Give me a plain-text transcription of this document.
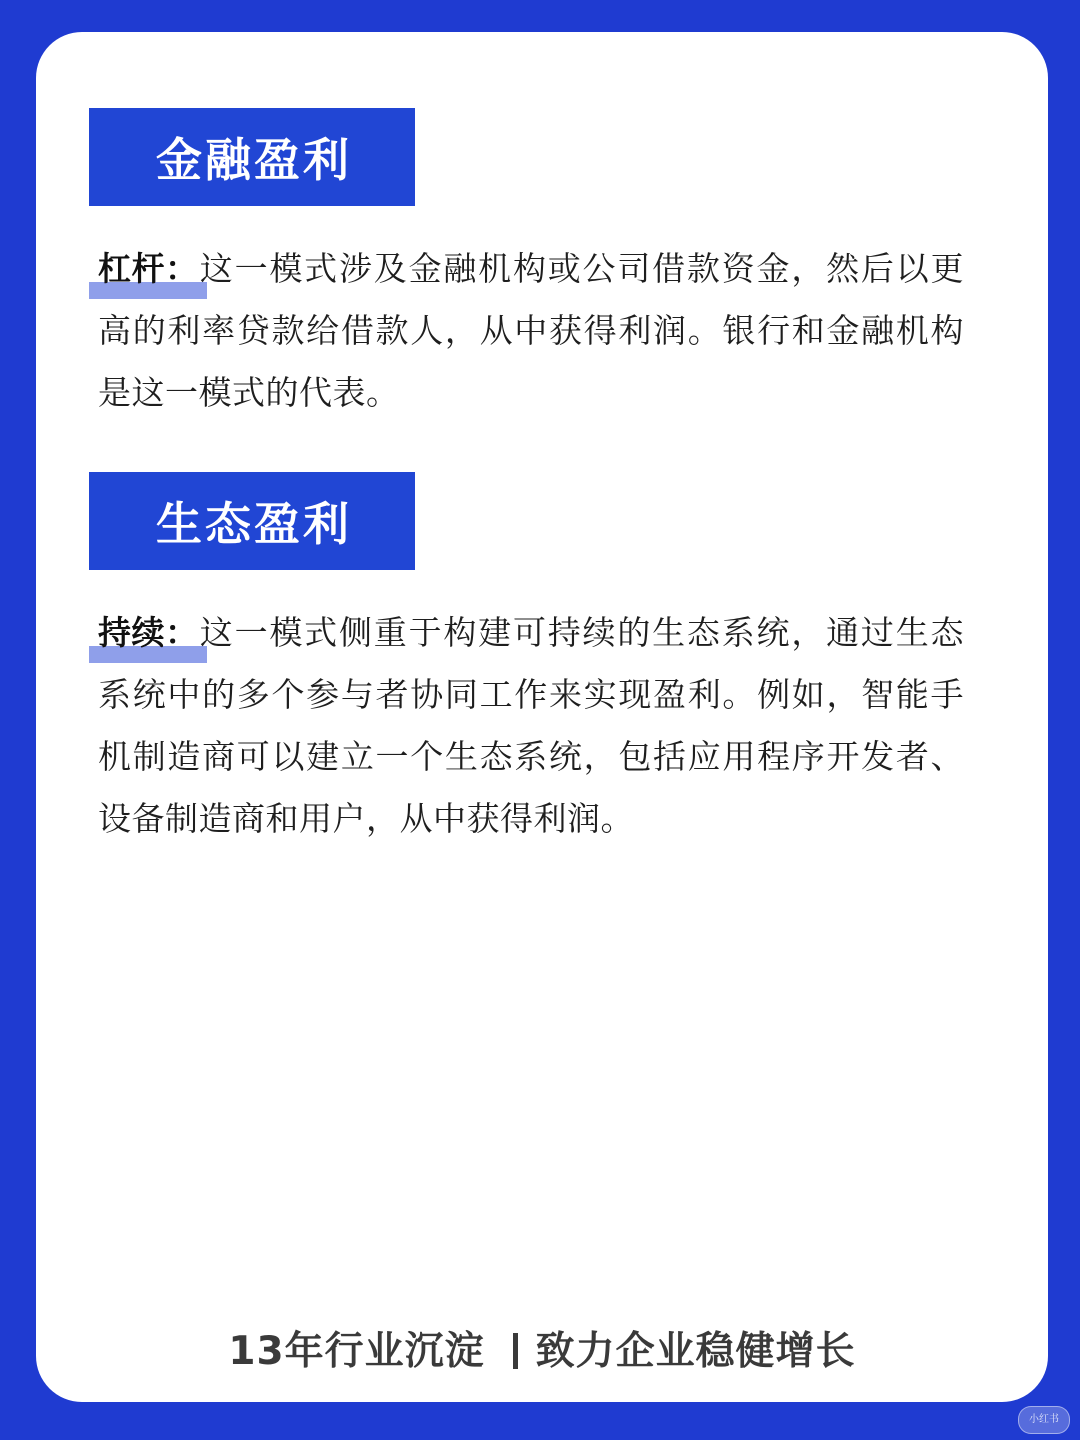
金融盈利
杠杆：这一模式涉及金融机构或公司借款资金，然后以更高的利率贷款给借款人，从中获得利润。银行和金融机构是这一模式的代表。
生态盈利
持续：这一模式侧重于构建可持续的生态系统，通过生态系统中的多个参与者协同工作来实现盈利。例如，智能手机制造商可以建立一个生态系统，包括应用程序开发者、设备制造商和用户，从中获得利润。
13年行业沉淀 致力企业稳健增长
小红书
